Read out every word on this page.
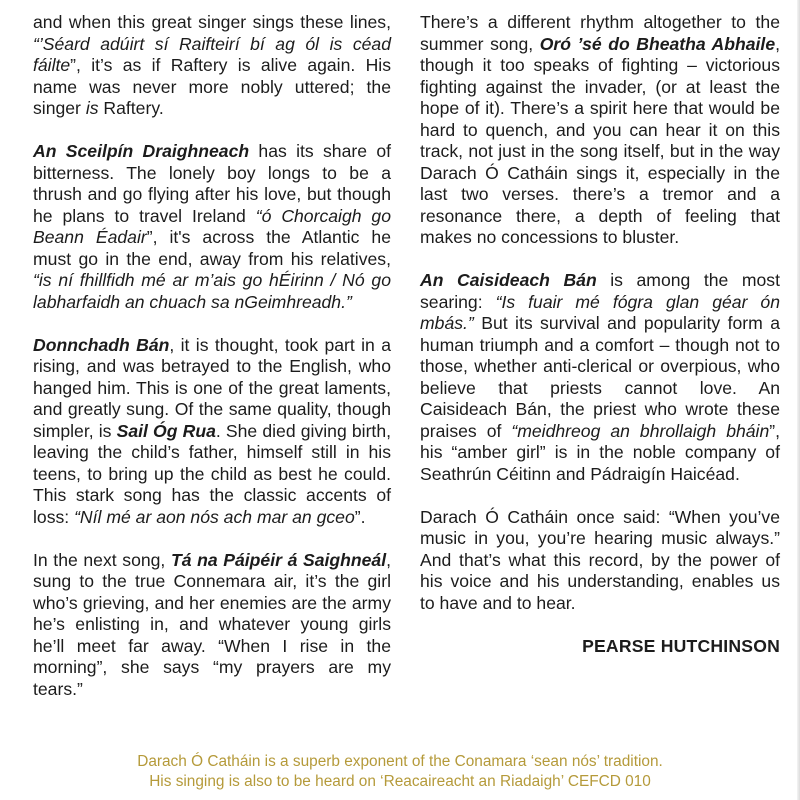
and when this great singer sings these lines, “’Séard adúirt sí Raifteirí bí ag ól is céad fáilte”, it’s as if Raftery is alive again. His name was never more nobly uttered; the singer is Raftery.

An Sceilpín Draighneach has its share of bitterness. The lonely boy longs to be a thrush and go flying after his love, but though he plans to travel Ireland “ó Chorcaigh go Beann Éadair”, it's across the Atlantic he must go in the end, away from his relatives, “is ní fhillfidh mé ar m’ais go hÉirinn / Nó go labharfaidh an chuach sa nGeimhreadh.”

Donnchadh Bán, it is thought, took part in a rising, and was betrayed to the English, who hanged him. This is one of the great laments, and greatly sung. Of the same quality, though simpler, is Sail Óg Rua. She died giving birth, leaving the child’s father, himself still in his teens, to bring up the child as best he could. This stark song has the classic accents of loss: “Níl mé ar aon nós ach mar an gceo”.

In the next song, Tá na Páipéir á Saighneál, sung to the true Connemara air, it’s the girl who’s grieving, and her enemies are the army he’s enlisting in, and whatever young girls he’ll meet far away. “When I rise in the morning”, she says “my prayers are my tears.”

There’s a different rhythm altogether to the summer song, Oró ’sé do Bheatha Abhaile, though it too speaks of fighting – victorious fighting against the invader, (or at least the hope of it). There’s a spirit here that would be hard to quench, and you can hear it on this track, not just in the song itself, but in the way Darach Ó Catháin sings it, especially in the last two verses. there’s a tremor and a resonance there, a depth of feeling that makes no concessions to bluster.

An Caisideach Bán is among the most searing: “Is fuair mé fógra glan géar ón mbás.” But its survival and popularity form a human triumph and a comfort – though not to those, whether anti-clerical or overpious, who believe that priests cannot love. An Caisideach Bán, the priest who wrote these praises of “meidhreog an bhrollaigh bháin”, his “amber girl” is in the noble company of Seathrún Céitinn and Pádraigín Haicéad.

Darach Ó Catháin once said: “When you’ve music in you, you’re hearing music always.” And that’s what this record, by the power of his voice and his understanding, enables us to have and to hear.

PEARSE HUTCHINSON
Darach Ó Catháin is a superb exponent of the Conamara ‘sean nós’ tradition.
His singing is also to be heard on ‘Reacaireacht an Riadaigh’ CEFCD 010
